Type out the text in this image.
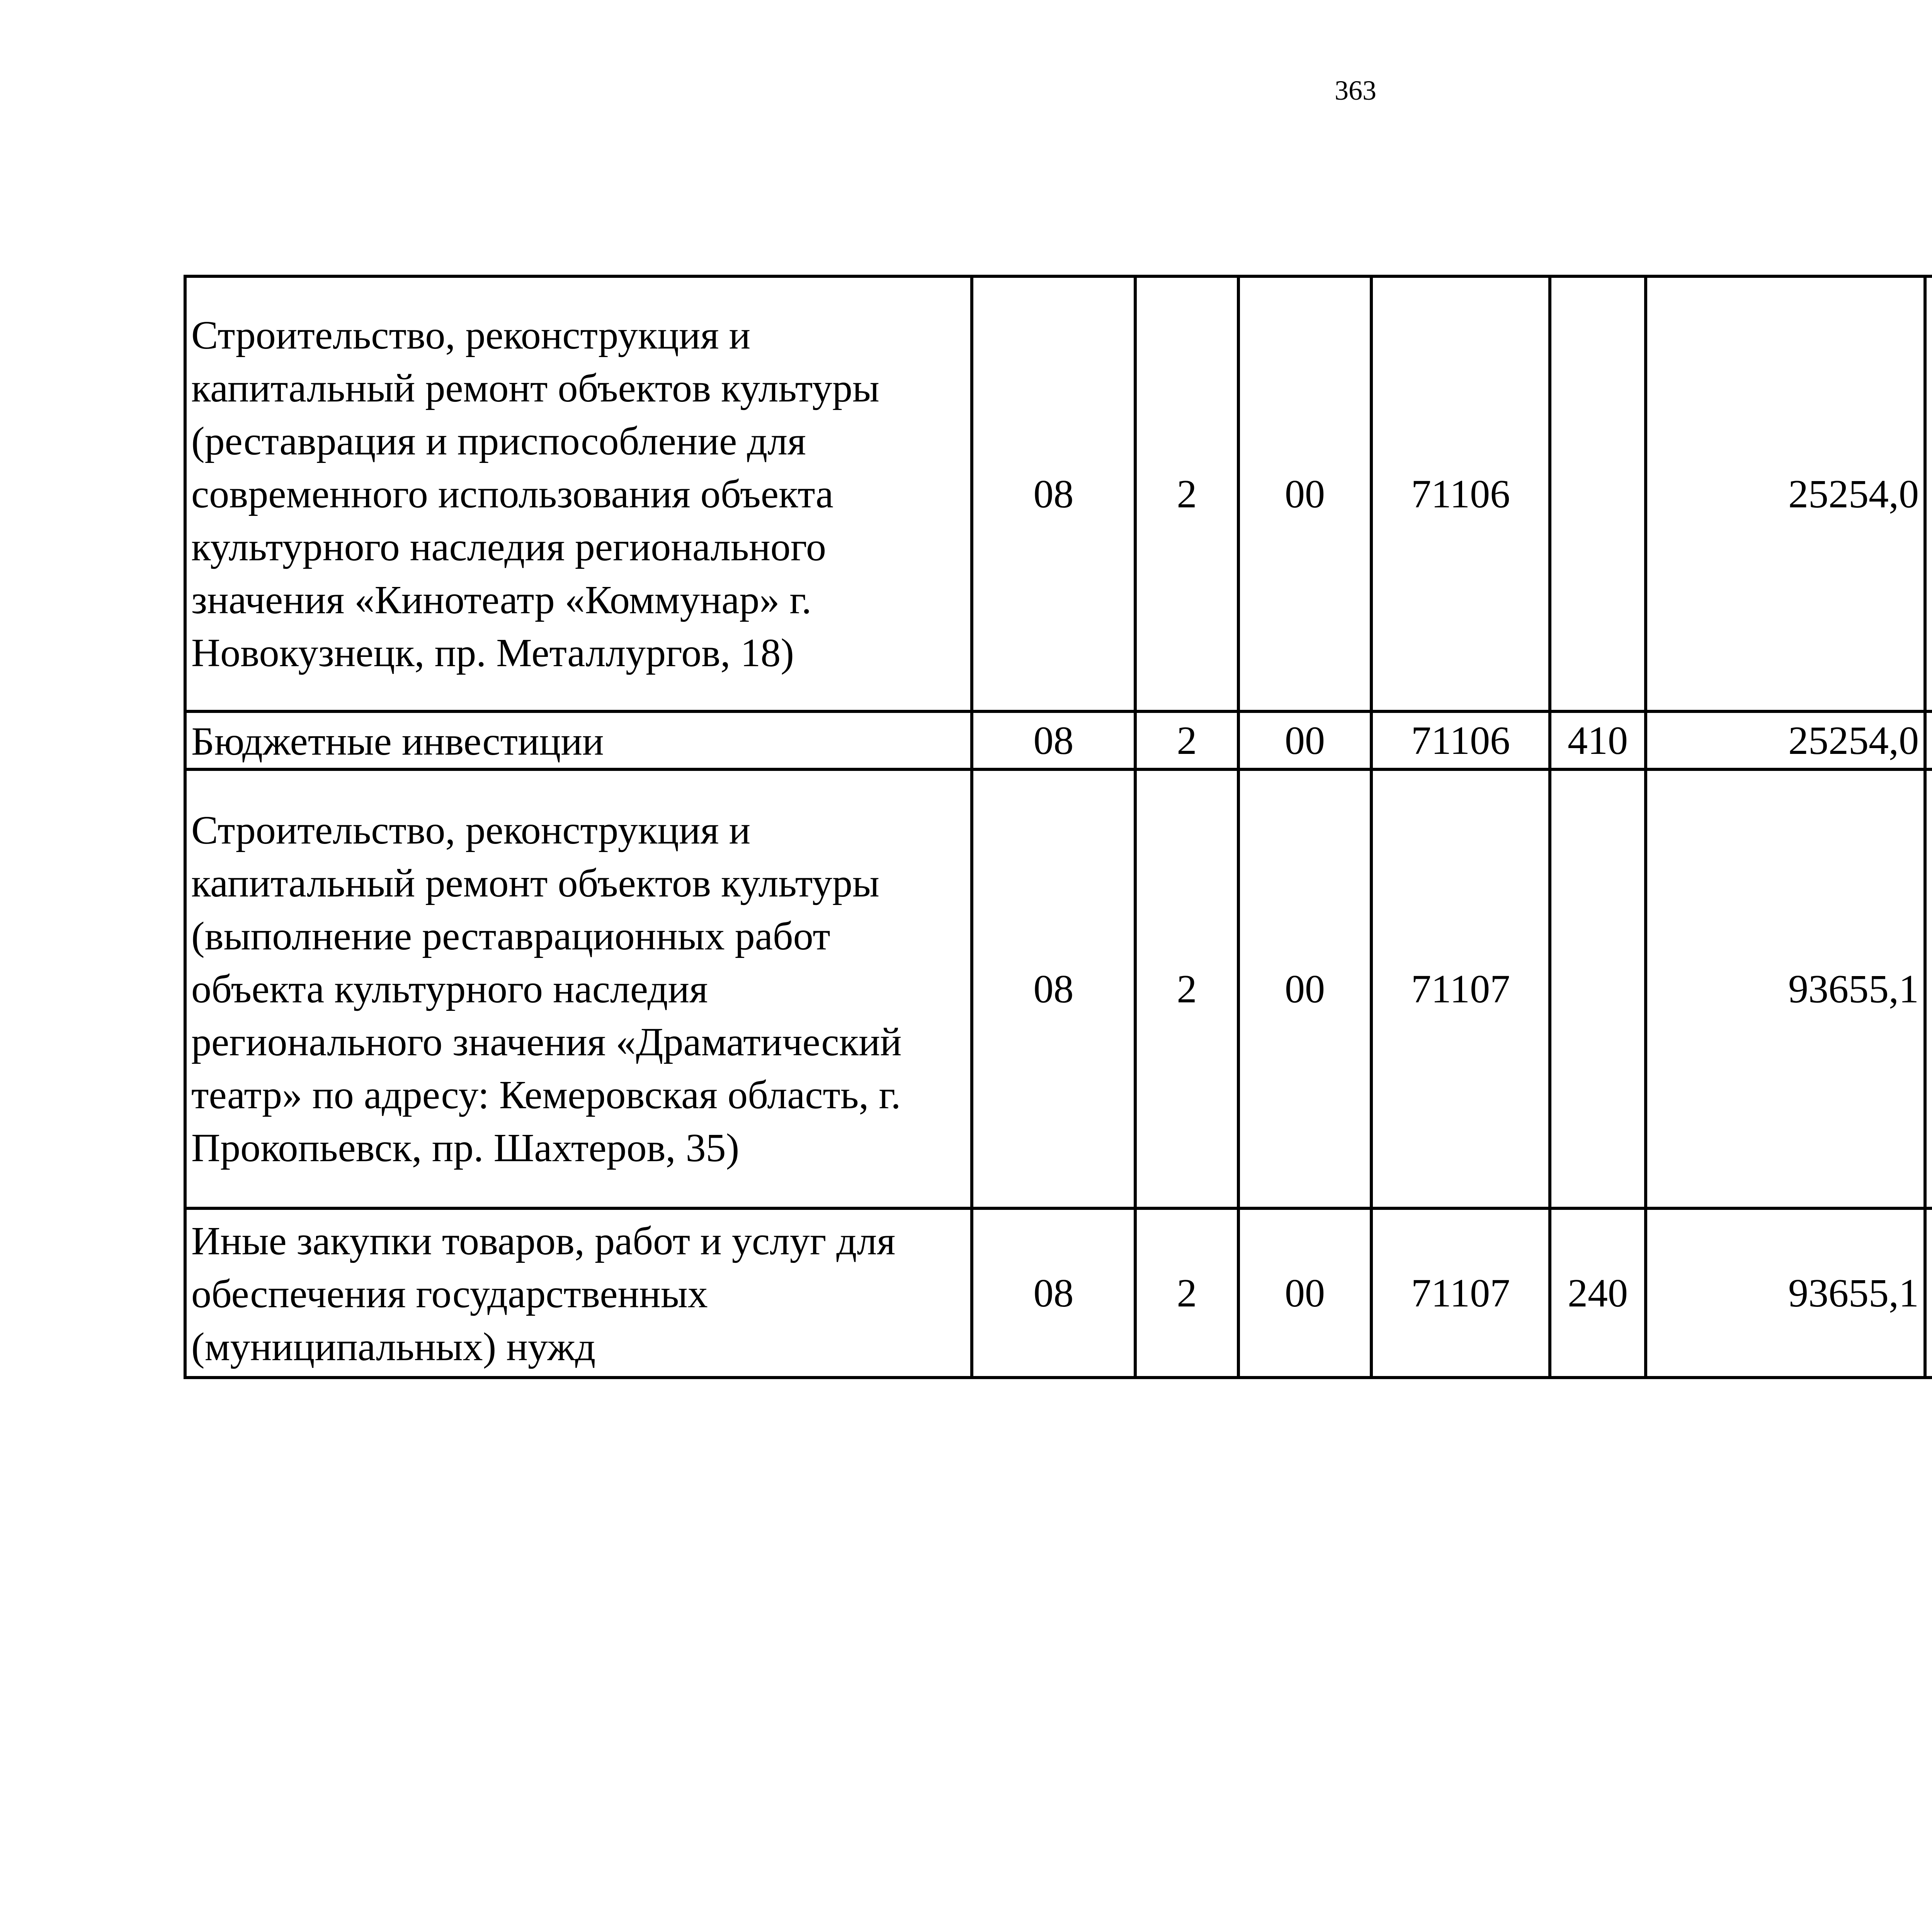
363
Строительство, реконструкция и капитальный ремонт объектов культуры (реставрация и приспособление для современного использования объекта культурного наследия регионального значения «Кинотеатр «Коммунар» г. Новокузнецк, пр. Металлургов, 18)	08	2	00	71106		25254,0		
Бюджетные инвестиции	08	2	00	71106	410	25254,0		
Строительство, реконструкция и капитальный ремонт объектов культуры (выполнение реставрационных работ объекта культурного наследия регионального значения «Драматический театр» по адресу: Кемеровская область, г. Прокопьевск, пр. Шахтеров, 35)	08	2	00	71107		93655,1		
Иные закупки товаров, работ и услуг для обеспечения государственных (муниципальных) нужд	08	2	00	71107	240	93655,1		
